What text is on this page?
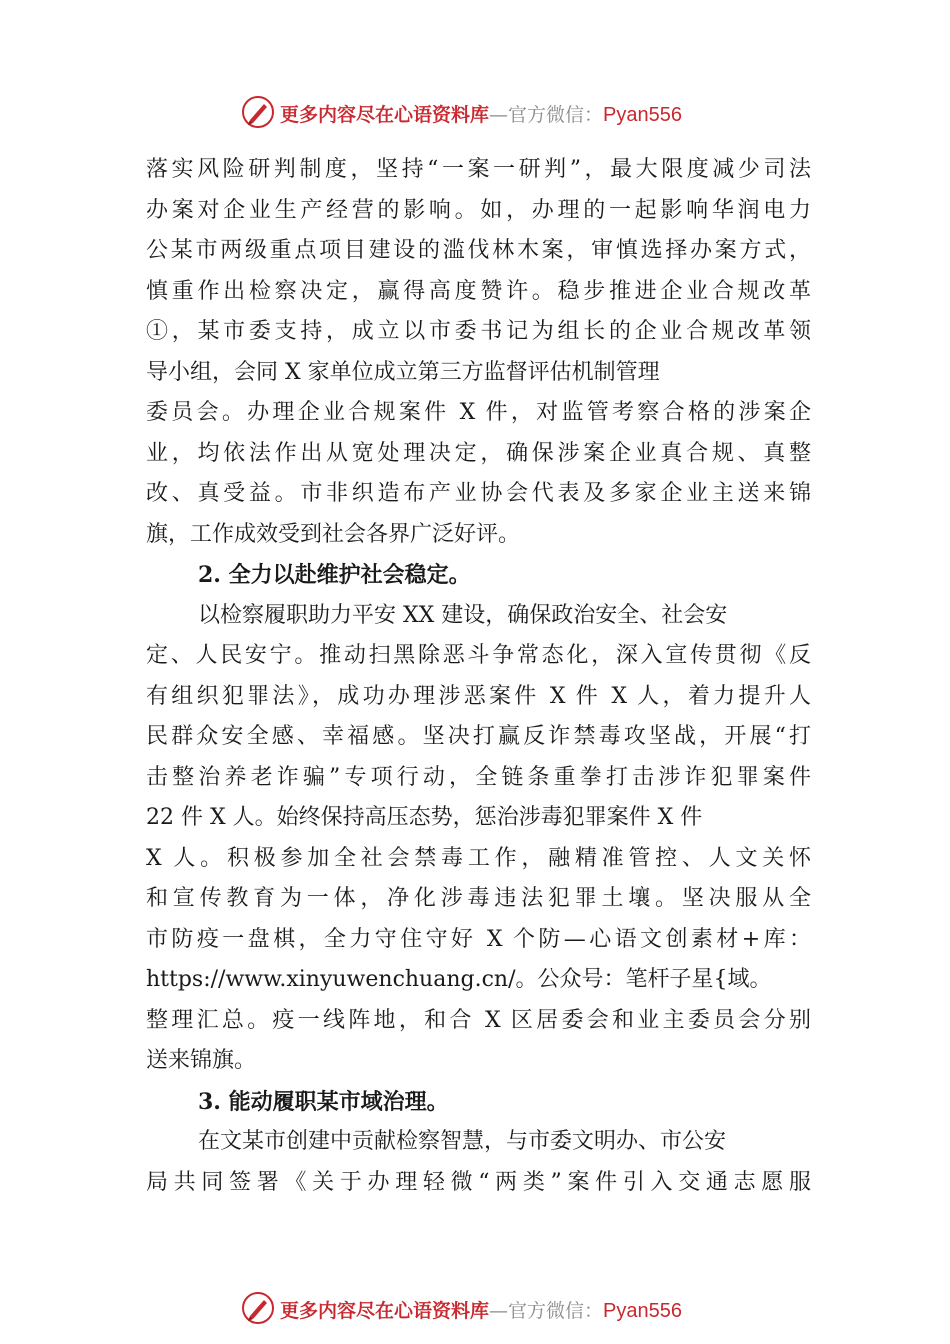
更多内容尽在心语资料库—官方微信：Pyan556
落实风险研判制度，坚持“一案一研判”，最大限度减少司法
办案对企业生产经营的影响。如，办理的一起影响华润电力
公某市两级重点项目建设的滥伐林木案，审慎选择办案方式，
慎重作出检察决定，赢得高度赞许。稳步推进企业合规改革
①，某市委支持，成立以市委书记为组长的企业合规改革领
导小组，会同 X 家单位成立第三方监督评估机制管理
委员会。办理企业合规案件 X 件，对监管考察合格的涉案企
业，均依法作出从宽处理决定，确保涉案企业真合规、真整
改、真受益。市非织造布产业协会代表及多家企业主送来锦
旗，工作成效受到社会各界广泛好评。
2. 全力以赴维护社会稳定。
以检察履职助力平安 XX 建设，确保政治安全、社会安
定、人民安宁。推动扫黑除恶斗争常态化，深入宣传贯彻《反
有组织犯罪法》，成功办理涉恶案件 X 件 X 人，着力提升人
民群众安全感、幸福感。坚决打赢反诈禁毒攻坚战，开展“打
击整治养老诈骗”专项行动，全链条重拳打击涉诈犯罪案件
22 件 X 人。始终保持高压态势，惩治涉毒犯罪案件 X 件
X 人。积极参加全社会禁毒工作，融精准管控、人文关怀
和宣传教育为一体，净化涉毒违法犯罪土壤。坚决服从全
市防疫一盘棋，全力守住守好 X 个防—心语文创素材+库：
https://www.xinyuwenchuang.cn/。公众号：笔杆子星{域。
整理汇总。疫一线阵地，和合 X 区居委会和业主委员会分别
送来锦旗。
3. 能动履职某市域治理。
在文某市创建中贡献检察智慧，与市委文明办、市公安
局共同签署《关于办理轻微“两类”案件引入交通志愿服
更多内容尽在心语资料库—官方微信：Pyan556
